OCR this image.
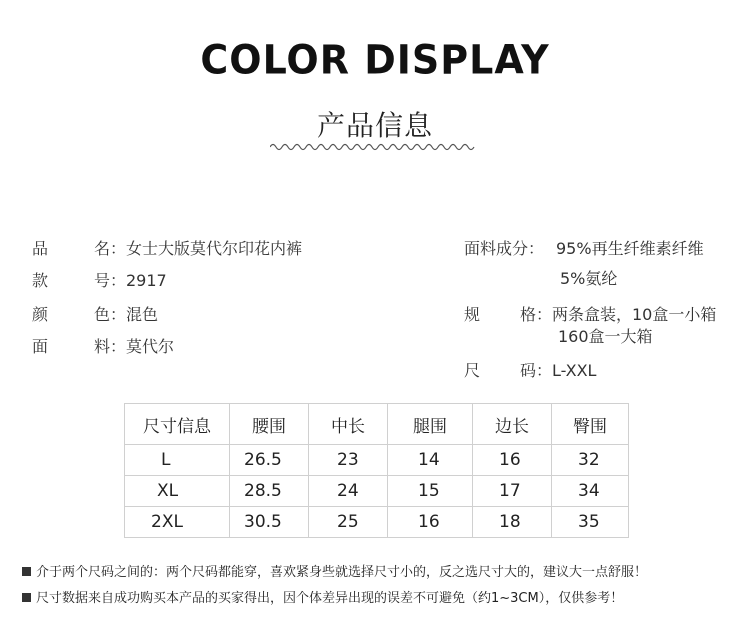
COLOR DISPLAY
产品信息
品	名 ：女士大版莫代尔印花内裤
款	号 ：2917
颜	色 ：混色
面	料 ：莫代尔
面料成分： 95%再生纤维素纤维
5%氨纶
规 格 ：两条盒装，10盒一小箱
160盒一大箱
尺 码 ：L-XXL
尺寸信息	腰围	中长	腿围	边长	臀围
L	26.5	23	14	16	32
XL	28.5	24	15	17	34
2XL	30.5	25	16	18	35
介于两个尺码之间的：两个尺码都能穿，喜欢紧身些就选择尺寸小的，反之选尺寸大的，建议大一点舒服！
尺寸数据来自成功购买本产品的买家得出，因个体差异出现的误差不可避免（约1~3CM），仅供参考！
